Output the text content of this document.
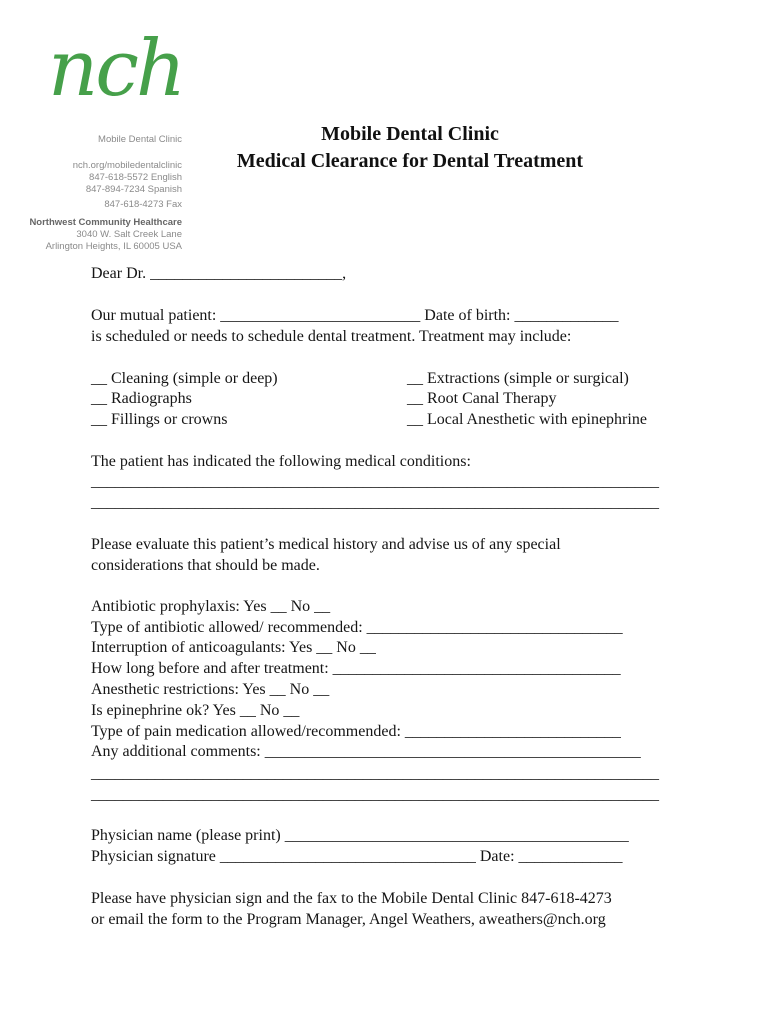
nch
Mobile Dental Clinic
nch.org/mobiledentalclinic
847-618-5572 English
847-894-7234 Spanish
847-618-4273 Fax
Northwest Community Healthcare
3040 W. Salt Creek Lane
Arlington Heights, IL 60005 USA
Mobile Dental Clinic
Medical Clearance for Dental Treatment
Dear Dr. ________________________,
Our mutual patient: _________________________ Date of birth: _____________
is scheduled or needs to schedule dental treatment. Treatment may include:
__ Cleaning (simple or deep)
__ Radiographs
__ Fillings or crowns
__ Extractions (simple or surgical)
__ Root Canal Therapy
__ Local Anesthetic with epinephrine
The patient has indicated the following medical conditions:
_______________________________________________________________________
_______________________________________________________________________
Please evaluate this patient’s medical history and advise us of any special
considerations that should be made.
Antibiotic prophylaxis: Yes __ No __
Type of antibiotic allowed/ recommended: ________________________________
Interruption of anticoagulants: Yes __ No __
How long before and after treatment: ____________________________________
Anesthetic restrictions: Yes __ No __
Is epinephrine ok? Yes __ No __
Type of pain medication allowed/recommended: ___________________________
Any additional comments: _______________________________________________
_______________________________________________________________________
_______________________________________________________________________
Physician name (please print) ___________________________________________
Physician signature ________________________________ Date: _____________
Please have physician sign and the fax to the Mobile Dental Clinic 847-618-4273
or email the form to the Program Manager, Angel Weathers, aweathers@nch.org
